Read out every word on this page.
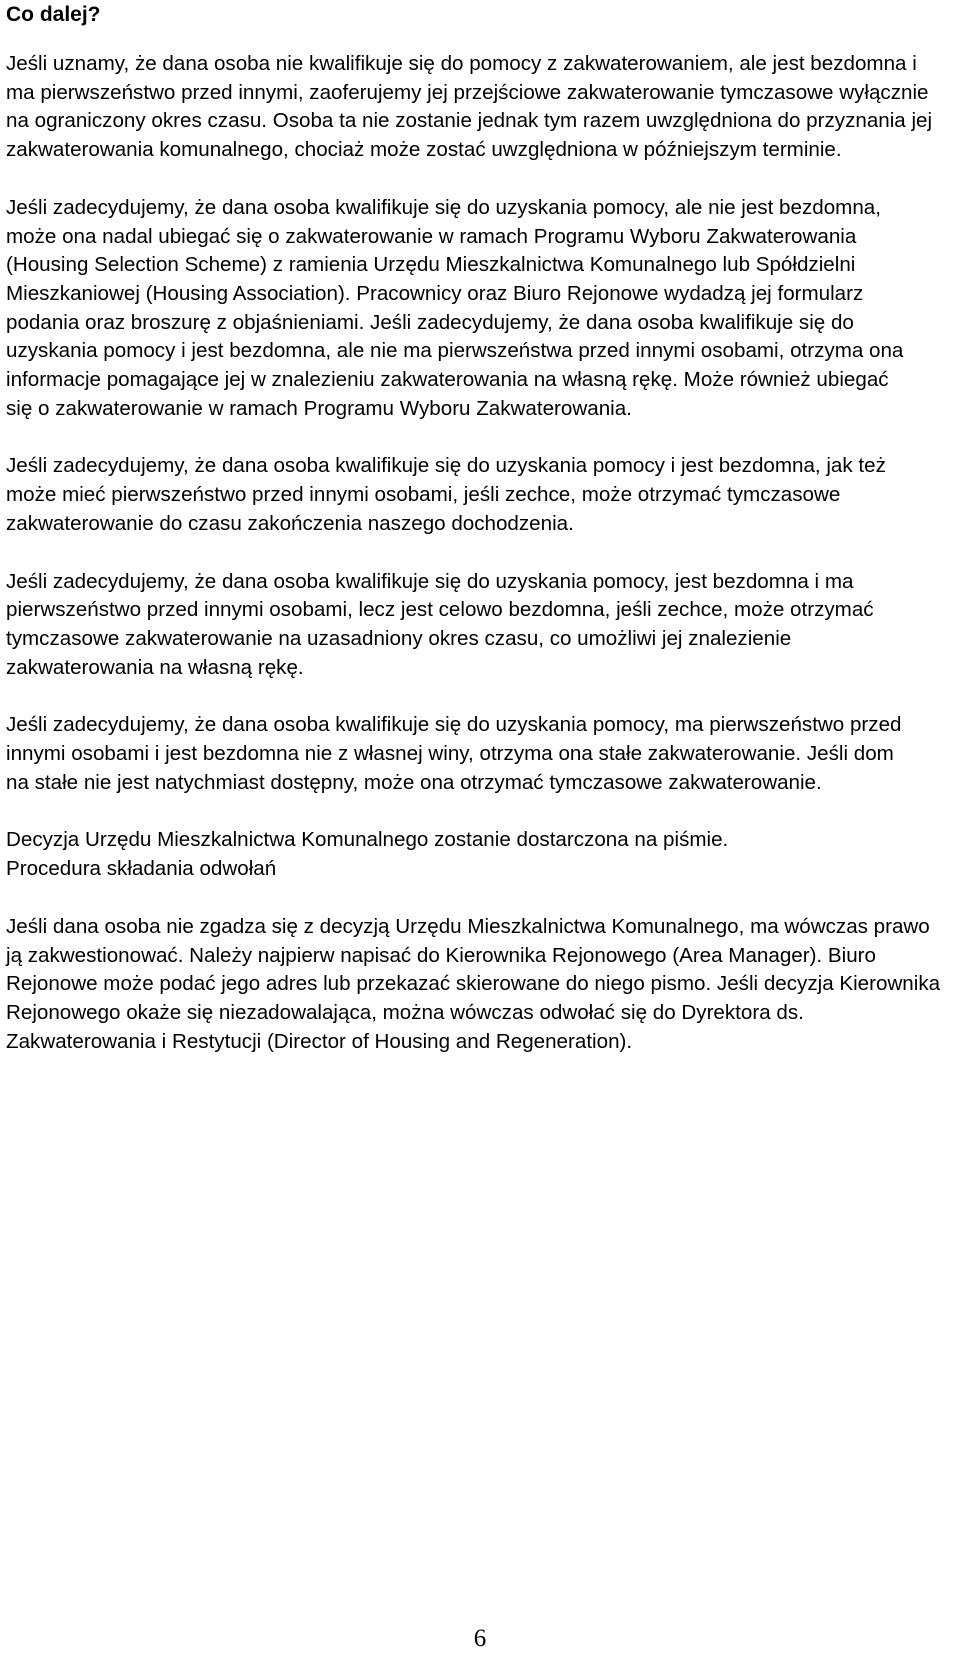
Co dalej?

Jeśli uznamy, że dana osoba nie kwalifikuje się do pomocy z zakwaterowaniem, ale jest bezdomna i ma pierwszeństwo przed innymi, zaoferujemy jej przejściowe zakwaterowanie tymczasowe wyłącznie na ograniczony okres czasu. Osoba ta nie zostanie jednak tym razem uwzględniona do przyznania jej zakwaterowania komunalnego, chociaż może zostać uwzględniona w późniejszym terminie.

Jeśli zadecydujemy, że dana osoba kwalifikuje się do uzyskania pomocy, ale nie jest bezdomna, może ona nadal ubiegać się o zakwaterowanie w ramach Programu Wyboru Zakwaterowania (Housing Selection Scheme) z ramienia Urzędu Mieszkalnictwa Komunalnego lub Spółdzielni Mieszkaniowej (Housing Association). Pracownicy oraz Biuro Rejonowe wydadzą jej formularz podania oraz broszurę z objaśnieniami. Jeśli zadecydujemy, że dana osoba kwalifikuje się do uzyskania pomocy i jest bezdomna, ale nie ma pierwszeństwa przed innymi osobami, otrzyma ona informacje pomagające jej w znalezieniu zakwaterowania na własną rękę. Może również ubiegać się o zakwaterowanie w ramach Programu Wyboru Zakwaterowania.

Jeśli zadecydujemy, że dana osoba kwalifikuje się do uzyskania pomocy i jest bezdomna, jak też może mieć pierwszeństwo przed innymi osobami, jeśli zechce, może otrzymać tymczasowe zakwaterowanie do czasu zakończenia naszego dochodzenia.

Jeśli zadecydujemy, że dana osoba kwalifikuje się do uzyskania pomocy, jest bezdomna i ma pierwszeństwo przed innymi osobami, lecz jest celowo bezdomna, jeśli zechce, może otrzymać tymczasowe zakwaterowanie na uzasadniony okres czasu, co umożliwi jej znalezienie zakwaterowania na własną rękę.

Jeśli zadecydujemy, że dana osoba kwalifikuje się do uzyskania pomocy, ma pierwszeństwo przed innymi osobami i jest bezdomna nie z własnej winy, otrzyma ona stałe zakwaterowanie. Jeśli dom na stałe nie jest natychmiast dostępny, może ona otrzymać tymczasowe zakwaterowanie.

Decyzja Urzędu Mieszkalnictwa Komunalnego zostanie dostarczona na piśmie.

Procedura składania odwołań

Jeśli dana osoba nie zgadza się z decyzją Urzędu Mieszkalnictwa Komunalnego, ma wówczas prawo ją zakwestionować. Należy najpierw napisać do Kierownika Rejonowego (Area Manager). Biuro Rejonowe może podać jego adres lub przekazać skierowane do niego pismo. Jeśli decyzja Kierownika Rejonowego okaże się niezadowalająca, można wówczas odwołać się do Dyrektora ds. Zakwaterowania i Restytucji (Director of Housing and Regeneration).

6
